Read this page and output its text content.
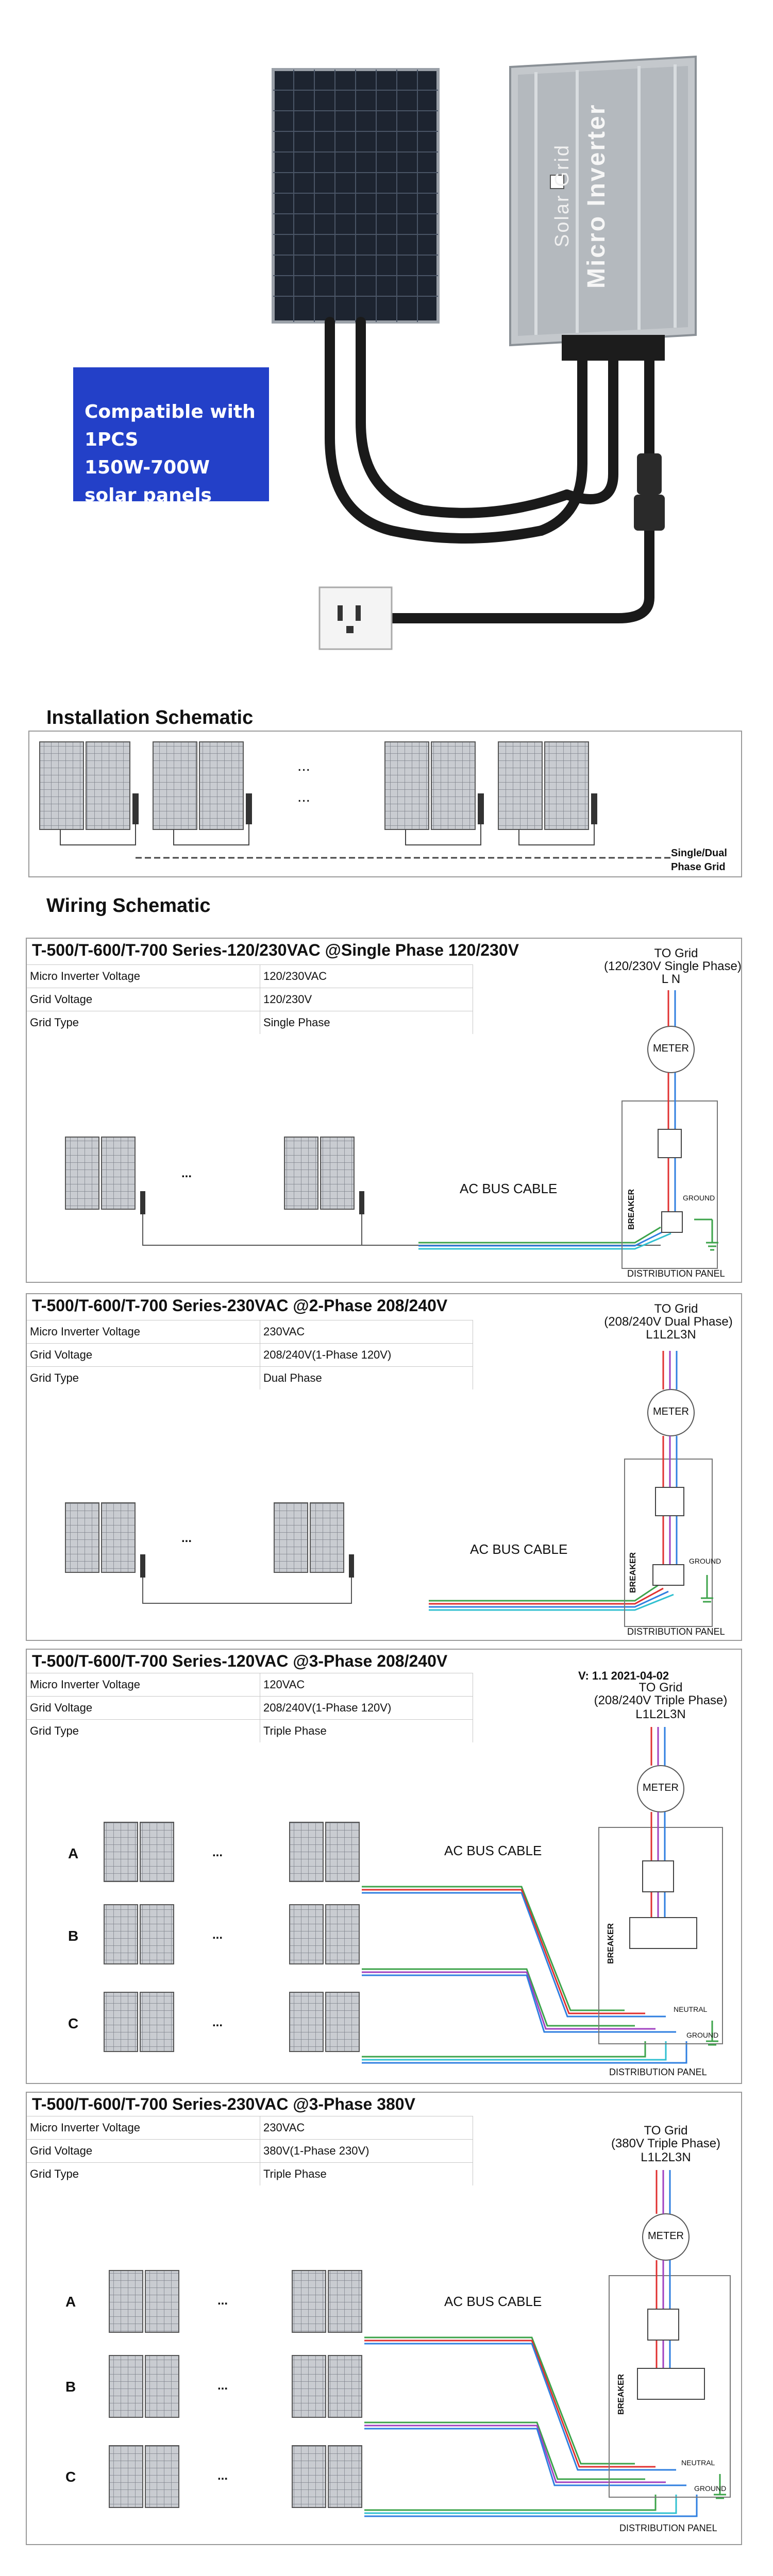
Solar Grid Micro Inverter
Compatible with
1PCS
150W-700W
solar panels
Installation Schematic
...
...
Single/Dual
Phase Grid
Wiring Schematic
T-500/T-600/T-700 Series-120/230VAC @Single Phase 120/230V
Micro Inverter Voltage	120/230VAC
Grid Voltage	120/230V
Grid Type	Single Phase
TO Grid
(120/230V Single Phase)
L N
METER
...
AC BUS CABLE
BREAKER	GROUND
DISTRIBUTION PANEL
T-500/T-600/T-700 Series-230VAC @2-Phase 208/240V
Micro Inverter Voltage	230VAC
Grid Voltage	208/240V(1-Phase 120V)
Grid Type	Dual Phase
TO Grid
(208/240V Dual Phase)
L1L2L3N
METER
...
AC BUS CABLE
BREAKER	GROUND
DISTRIBUTION PANEL
T-500/T-600/T-700 Series-120VAC @3-Phase 208/240V
V: 1.1 2021-04-02
Micro Inverter Voltage	120VAC
Grid Voltage	208/240V(1-Phase 120V)
Grid Type	Triple Phase
TO Grid
(208/240V Triple Phase)
L1L2L3N
METER
A
B
C
...
...
...
AC BUS CABLE
BREAKER
NEUTRAL
GROUND
DISTRIBUTION PANEL
T-500/T-600/T-700 Series-230VAC @3-Phase 380V
Micro Inverter Voltage	230VAC
Grid Voltage	380V(1-Phase 230V)
Grid Type	Triple Phase
TO Grid
(380V Triple Phase)
L1L2L3N
METER
A
B
C
...
...
...
AC BUS CABLE
BREAKER
NEUTRAL
GROUND
DISTRIBUTION PANEL
